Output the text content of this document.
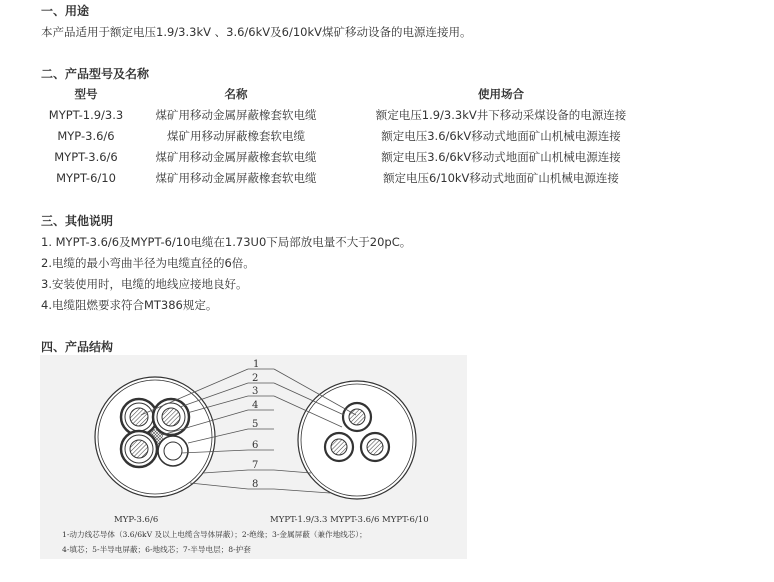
一、用途
本产品适用于额定电压1.9/3.3kV 、3.6/6kV及6/10kV煤矿移动设备的电源连接用。
二、产品型号及名称
型号	名称	使用场合
MYPT-1.9/3.3	煤矿用移动金属屏蔽橡套软电缆	额定电压1.9/3.3kV井下移动采煤设备的电源连接
MYP-3.6/6	煤矿用移动屏蔽橡套软电缆	额定电压3.6/6kV移动式地面矿山机械电源连接
MYPT-3.6/6	煤矿用移动金属屏蔽橡套软电缆	额定电压3.6/6kV移动式地面矿山机械电源连接
MYPT-6/10	煤矿用移动金属屏蔽橡套软电缆	额定电压6/10kV移动式地面矿山机械电源连接
三、其他说明
1. MYPT-3.6/6及MYPT-6/10电缆在1.73U0下局部放电量不大于20pC。
2.电缆的最小弯曲半径为电缆直径的6倍。
3.安装使用时，电缆的地线应接地良好。
4.电缆阻燃要求符合MT386规定。
四、产品结构
1
2
3
4
5
6
7
8
MYP-3.6/6	MYPT-1.9/3.3 MYPT-3.6/6 MYPT-6/10
1-动力线芯导体（3.6/6kV 及以上电缆含导体屏蔽）；2-绝缘；3-金属屏蔽（兼作地线芯）；
4-填芯；5-半导电屏蔽；6-地线芯；7-半导电层；8-护套
